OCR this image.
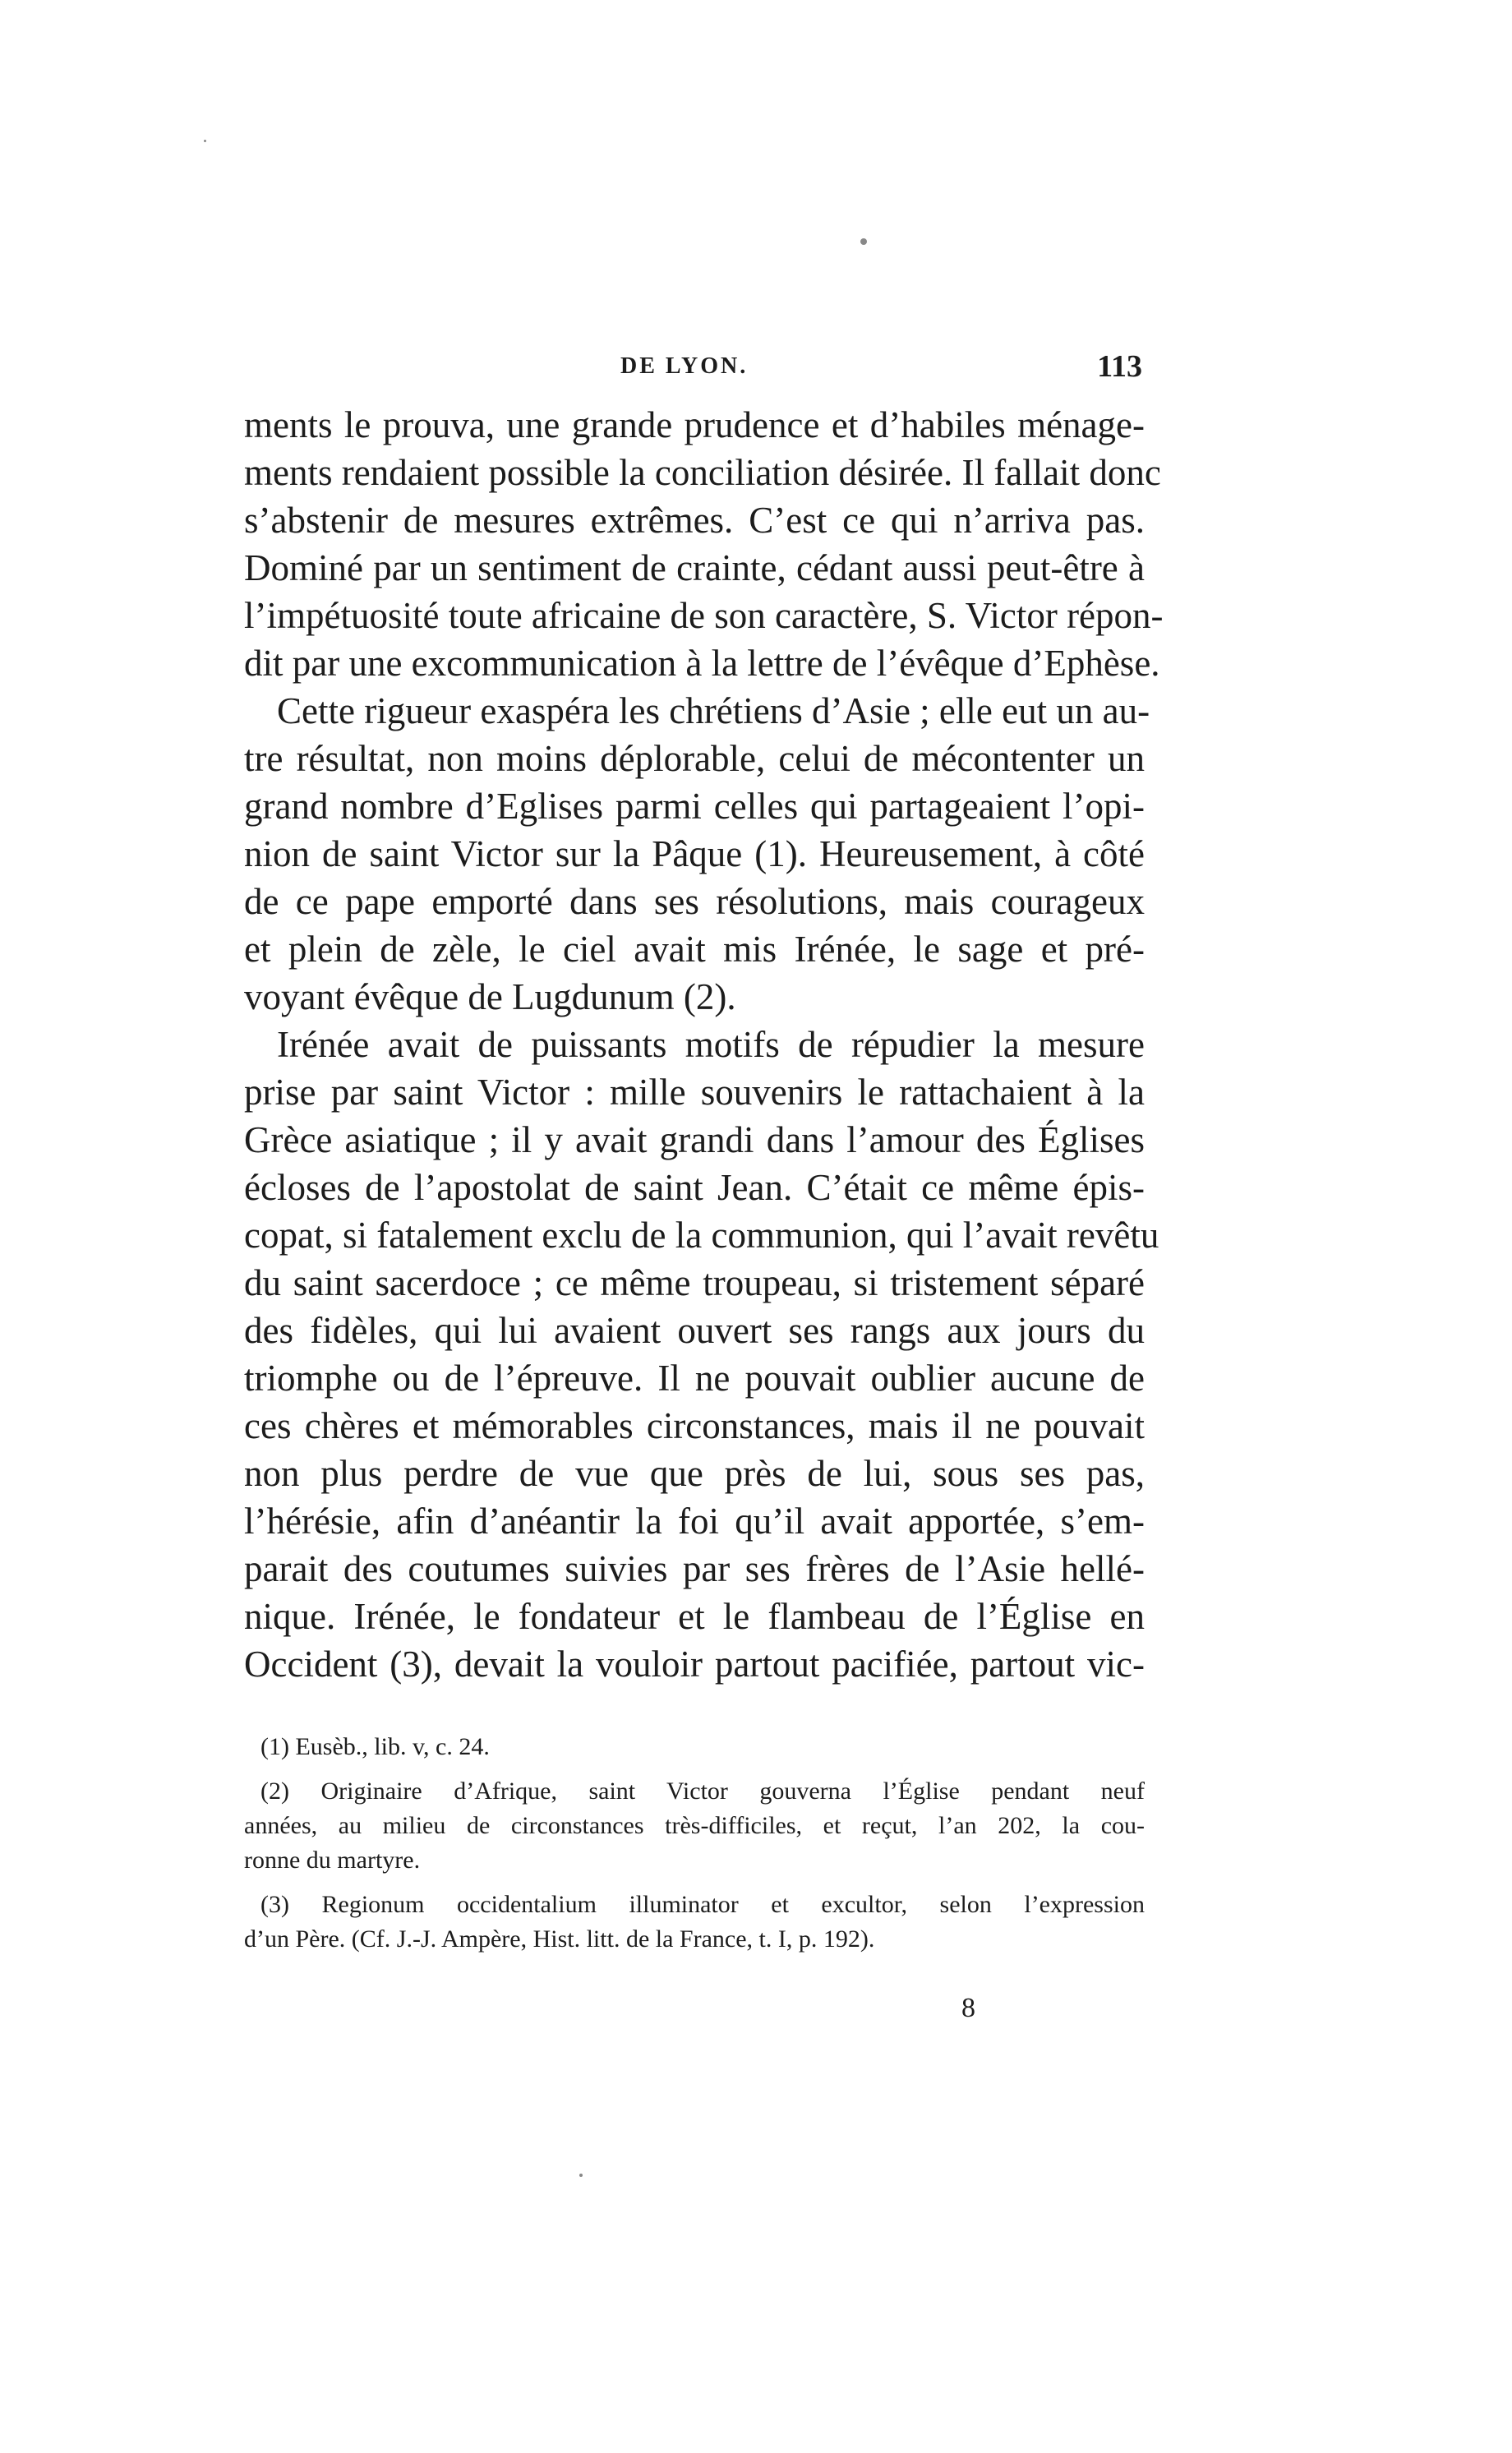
DE LYON.	113
ments le prouva, une grande prudence et d’habiles ménage-
ments rendaient possible la conciliation désirée. Il fallait donc
s’abstenir de mesures extrêmes. C’est ce qui n’arriva pas.
Dominé par un sentiment de crainte, cédant aussi peut-être à
l’impétuosité toute africaine de son caractère, S. Victor répon-
dit par une excommunication à la lettre de l’évêque d’Ephèse.
Cette rigueur exaspéra les chrétiens d’Asie ; elle eut un au-
tre résultat, non moins déplorable, celui de mécontenter un
grand nombre d’Eglises parmi celles qui partageaient l’opi-
nion de saint Victor sur la Pâque (1). Heureusement, à côté
de ce pape emporté dans ses résolutions, mais courageux
et plein de zèle, le ciel avait mis Irénée, le sage et pré-
voyant évêque de Lugdunum (2).
Irénée avait de puissants motifs de répudier la mesure
prise par saint Victor : mille souvenirs le rattachaient à la
Grèce asiatique ; il y avait grandi dans l’amour des Églises
écloses de l’apostolat de saint Jean. C’était ce même épis-
copat, si fatalement exclu de la communion, qui l’avait revêtu
du saint sacerdoce ; ce même troupeau, si tristement séparé
des fidèles, qui lui avaient ouvert ses rangs aux jours du
triomphe ou de l’épreuve. Il ne pouvait oublier aucune de
ces chères et mémorables circonstances, mais il ne pouvait
non plus perdre de vue que près de lui, sous ses pas,
l’hérésie, afin d’anéantir la foi qu’il avait apportée, s’em-
parait des coutumes suivies par ses frères de l’Asie hellé-
nique. Irénée, le fondateur et le flambeau de l’Église en
Occident (3), devait la vouloir partout pacifiée, partout vic-
(1) Eusèb., lib. v, c. 24.
(2) Originaire d’Afrique, saint Victor gouverna l’Église pendant neuf
années, au milieu de circonstances très-difficiles, et reçut, l’an 202, la cou-
ronne du martyre.
(3) Regionum occidentalium illuminator et excultor, selon l’expression
d’un Père. (Cf. J.-J. Ampère, Hist. litt. de la France, t. I, p. 192).
8
